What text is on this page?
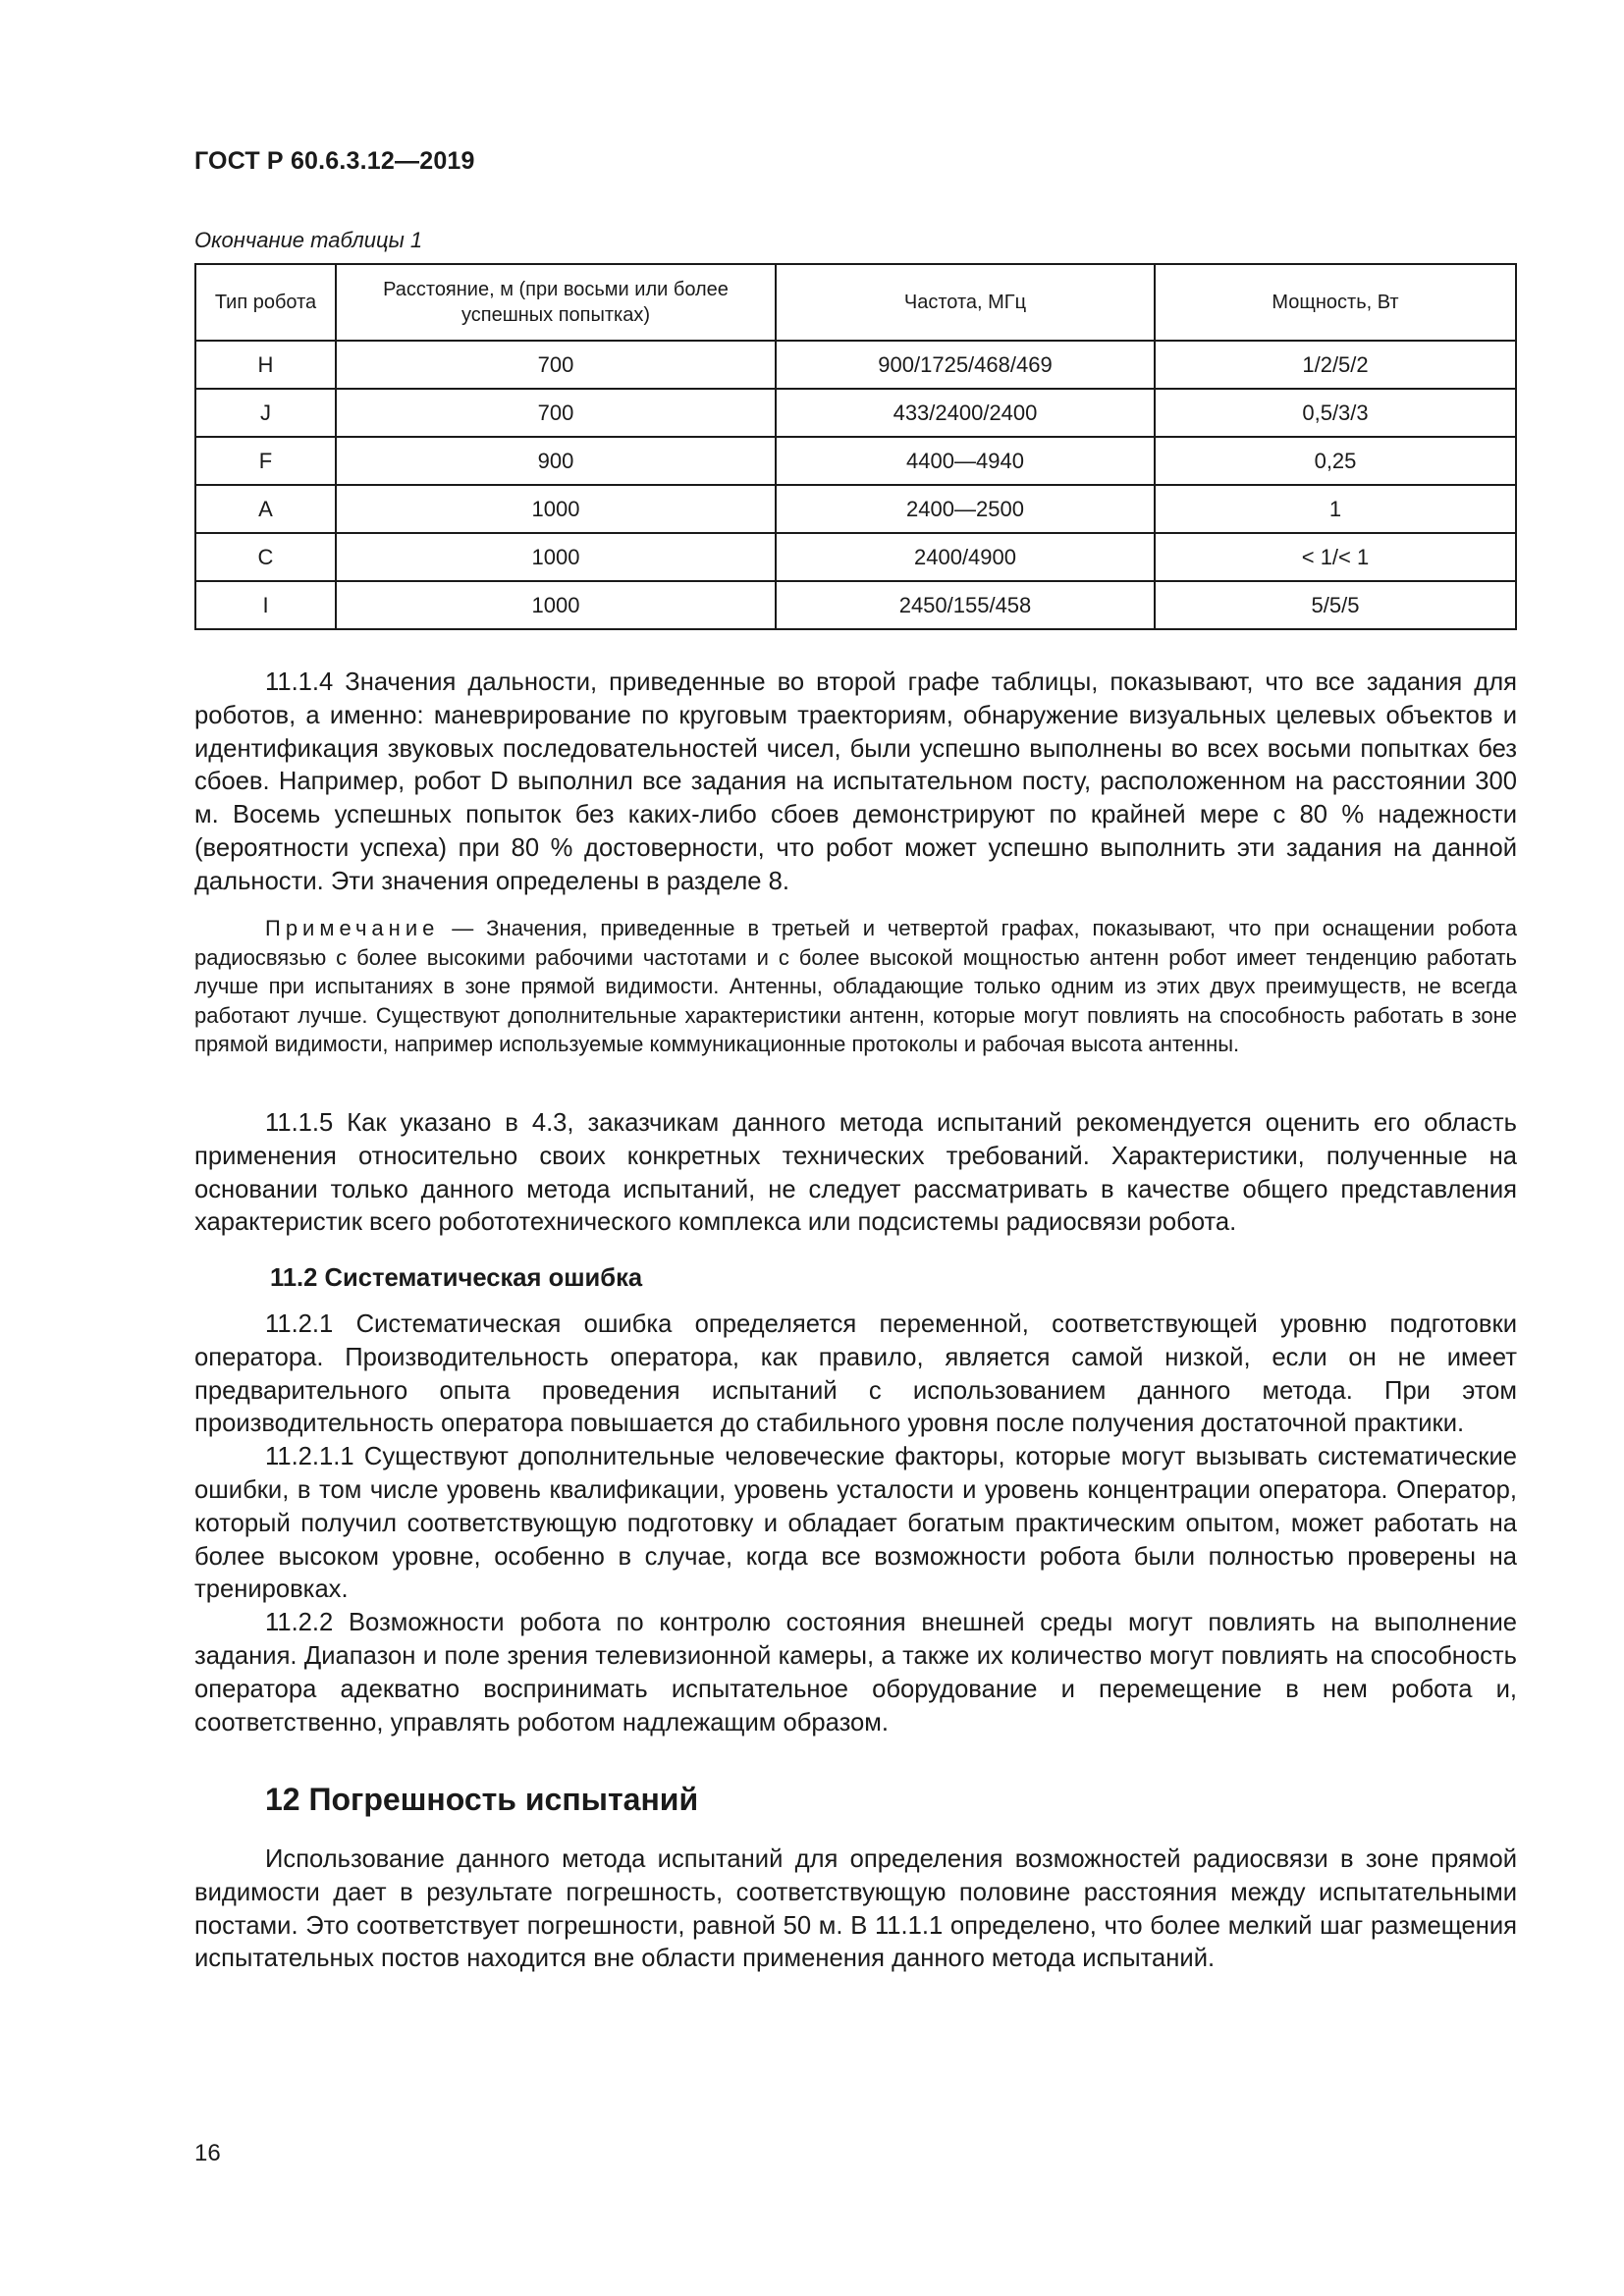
ГОСТ Р 60.6.3.12—2019
Окончание таблицы 1
Тип робота	Расстояние, м (при восьми или более успешных попытках)	Частота, МГц	Мощность, Вт
H	700	900/1725/468/469	1/2/5/2
J	700	433/2400/2400	0,5/3/3
F	900	4400—4940	0,25
A	1000	2400—2500	1
C	1000	2400/4900	< 1/< 1
I	1000	2450/155/458	5/5/5

11.1.4 Значения дальности, приведенные во второй графе таблицы, показывают, что все задания для роботов, а именно: маневрирование по круговым траекториям, обнаружение визуальных целевых объектов и идентификация звуковых последовательностей чисел, были успешно выполнены во всех восьми попытках без сбоев. Например, робот D выполнил все задания на испытательном посту, расположенном на расстоянии 300 м. Восемь успешных попыток без каких-либо сбоев демонстрируют по крайней мере с 80 % надежности (вероятности успеха) при 80 % достоверности, что робот может успешно выполнить эти задания на данной дальности. Эти значения определены в разделе 8.

Примечание — Значения, приведенные в третьей и четвертой графах, показывают, что при оснащении робота радиосвязью с более высокими рабочими частотами и с более высокой мощностью антенн робот имеет тенденцию работать лучше при испытаниях в зоне прямой видимости. Антенны, обладающие только одним из этих двух преимуществ, не всегда работают лучше. Существуют дополнительные характеристики антенн, которые могут повлиять на способность работать в зоне прямой видимости, например используемые коммуникационные протоколы и рабочая высота антенны.

11.1.5 Как указано в 4.3, заказчикам данного метода испытаний рекомендуется оценить его область применения относительно своих конкретных технических требований. Характеристики, полученные на основании только данного метода испытаний, не следует рассматривать в качестве общего представления характеристик всего робототехнического комплекса или подсистемы радиосвязи робота.

11.2 Систематическая ошибка

11.2.1 Систематическая ошибка определяется переменной, соответствующей уровню подготовки оператора. Производительность оператора, как правило, является самой низкой, если он не имеет предварительного опыта проведения испытаний с использованием данного метода. При этом производительность оператора повышается до стабильного уровня после получения достаточной практики.

11.2.1.1 Существуют дополнительные человеческие факторы, которые могут вызывать систематические ошибки, в том числе уровень квалификации, уровень усталости и уровень концентрации оператора. Оператор, который получил соответствующую подготовку и обладает богатым практическим опытом, может работать на более высоком уровне, особенно в случае, когда все возможности робота были полностью проверены на тренировках.

11.2.2 Возможности робота по контролю состояния внешней среды могут повлиять на выполнение задания. Диапазон и поле зрения телевизионной камеры, а также их количество могут повлиять на способность оператора адекватно воспринимать испытательное оборудование и перемещение в нем робота и, соответственно, управлять роботом надлежащим образом.

12 Погрешность испытаний

Использование данного метода испытаний для определения возможностей радиосвязи в зоне прямой видимости дает в результате погрешность, соответствующую половине расстояния между испытательными постами. Это соответствует погрешности, равной 50 м. В 11.1.1 определено, что более мелкий шаг размещения испытательных постов находится вне области применения данного метода испытаний.

16
